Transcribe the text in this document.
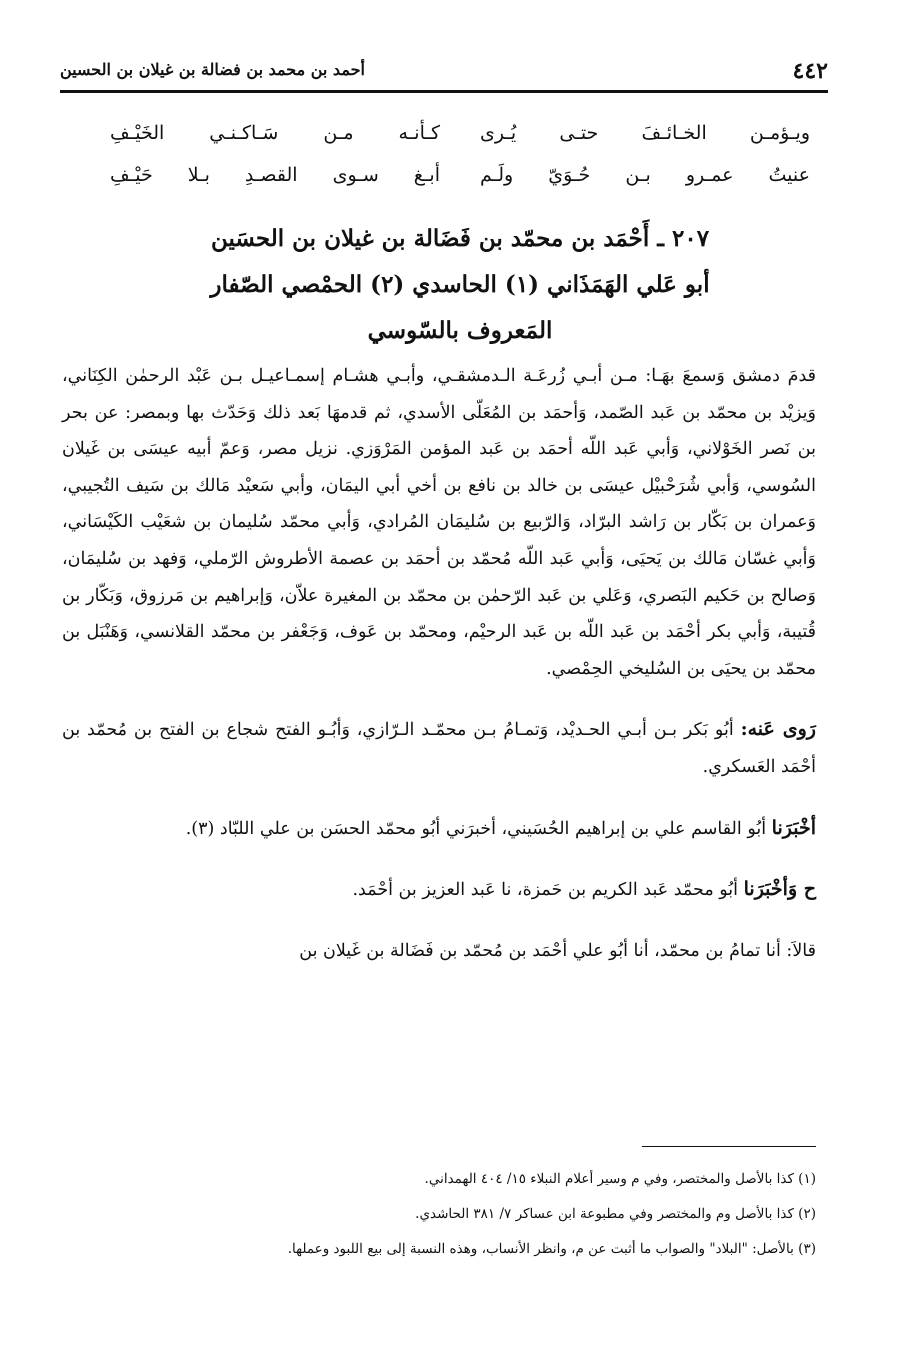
٤٤٢
أحمد بن محمد بن فضالة بن غيلان بن الحسين
ويـؤمـن الخـائـفَ حتـى يُـرى
كـأنـه مـن سَـاكـنـي الخَيْـفِ
عنيتُ عمـرو بـن حُـوَيّ ولَـم
أبـغ سـوى القصـدِ بـلا حَيْـفِ
٢٠٧ ـ أَحْمَد بن محمّد بن فَضَالة بن غيلان بن الحسَين
أبو عَلي الهَمَذَاني (١) الحاسدي (٢) الحمْصي الصّفار
المَعروف بالسّوسي

قدمَ دمشق وَسمعَ بهَـا: مـن أبـي زُرعَـة الـدمشقـي، وأبـي هشـام إسمـاعيـل بـن عَبْد الرحمٰن الكِنَاني، وَيزيْد بن محمّد بن عَبد الصّمد، وَأحمَد بن المُعَلّى الأسدي، ثم قدمهَا بَعد ذلك وَحَدّث بها وبمصر: عن بحر بن نَصر الخَوْلاني، وَأبي عَبد اللّه أحمَد بن عَبد المؤمن المَرْوَزي. نزيل مصر، وَعمّ أبيه عيسَى بن غَيلان السُوسي، وَأبي شُرَحْبيْل عيسَى بن خالد بن نافع بن أخي أبي اليمَان، وأبي سَعيْد مَالك بن سَيف التُجيبي، وَعمران بن بَكّار بن رَاشد البرّاد، وَالرّبيع بن سُليمَان المُرادي، وَأبي محمّد سُليمان بن شعَيْب الكَيْسَاني، وَأبي غسّان مَالك بن يَحيَى، وَأبي عَبد اللّه مُحمّد بن أحمَد بن عصمة الأطروش الرّملي، وَفهد بن سُليمَان، وَصالح بن حَكيم البَصري، وَعَلي بن عَبد الرّحمٰن بن محمّد بن المغيرة علاّن، وَإبراهيم بن مَرزوق، وَبَكّار بن قُتيبة، وَأبي بكر أحْمَد بن عَبد اللّه بن عَبد الرحيْم، ومحمّد بن عَوف، وَجَعْفر بن محمّد القلانسي، وَهَنْبَل بن محمّد بن يحيَى بن السُليخي الحِمْصي.

رَوى عَنه: أبُو بَكر بـن أبـي الحـديْد، وَتمـامُ بـن محمّـد الـرّازي، وَأبُـو الفتح شجاع بن الفتح بن مُحمّد بن أحْمَد العَسكري.

أخْبَرَنا أبُو القاسم علي بن إبراهيم الحُسَيني، أخبرَني أبُو محمّد الحسَن بن علي اللبّاد (٣).

ح وَأخْبَرَنا أبُو محمّد عَبد الكريم بن حَمزة، نا عَبد العزيز بن أحْمَد.

قالاَ: أنا تمامُ بن محمّد، أنا أبُو علي أحْمَد بن مُحمّد بن فَضَالة بن غَيلان بن

(١) كذا بالأصل والمختصر، وفي م وسير أعلام النبلاء ١٥/ ٤٠٤ الهمداني.
(٢) كذا بالأصل وم والمختصر وفي مطبوعة ابن عساكر ٧/ ٣٨١ الحاشدي.
(٣) بالأصل: "البلاد" والصواب ما أثبت عن م، وانظر الأنساب، وهذه النسبة إلى بيع اللبود وعملها.
